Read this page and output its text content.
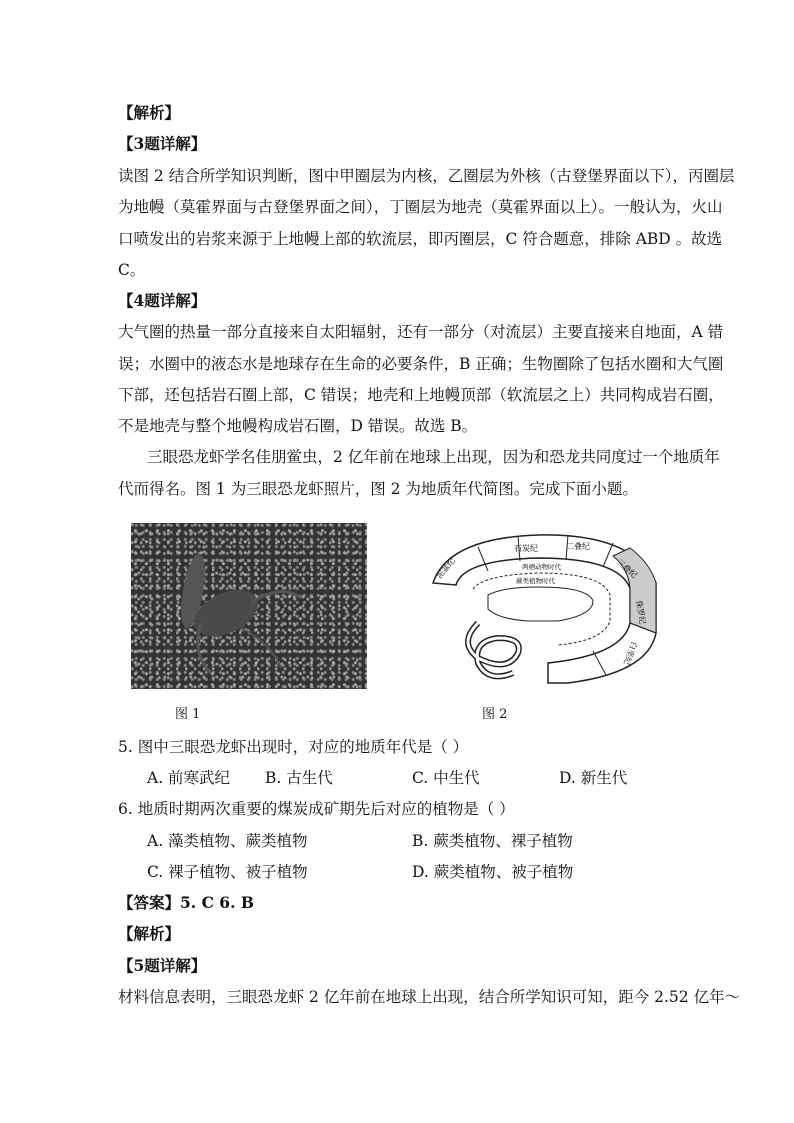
【解析】
【3题详解】
读图 2 结合所学知识判断，图中甲圈层为内核，乙圈层为外核（古登堡界面以下），丙圈层
为地幔（莫霍界面与古登堡界面之间），丁圈层为地壳（莫霍界面以上）。一般认为，火山
口喷发出的岩浆来源于上地幔上部的软流层，即丙圈层，C 符合题意，排除 ABD 。故选
C。
【4题详解】
大气圈的热量一部分直接来自太阳辐射，还有一部分（对流层）主要直接来自地面，A 错
误；水圈中的液态水是地球存在生命的必要条件，B 正确；生物圈除了包括水圈和大气圈
下部，还包括岩石圈上部，C 错误；地壳和上地幔顶部（软流层之上）共同构成岩石圈，
不是地壳与整个地幔构成岩石圈，D 错误。故选 B。
三眼恐龙虾学名佳朋鲎虫，2 亿年前在地球上出现，因为和恐龙共同度过一个地质年
代而得名。图 1 为三眼恐龙虾照片，图 2 为地质年代简图。完成下面小题。
图 1
石炭纪	二叠纪
三叠纪
侏罗纪
白垩纪
泥盆纪	两栖动物时代
蕨类植物时代
图 2
5. 图中三眼恐龙虾出现时，对应的地质年代是（ ）
A. 前寒武纪 B. 古生代	C. 中生代	D. 新生代
6. 地质时期两次重要的煤炭成矿期先后对应的植物是（ ）
A. 藻类植物、蕨类植物	B. 蕨类植物、裸子植物
C. 裸子植物、被子植物	D. 蕨类植物、被子植物
【答案】5. C 6. B
【解析】
【5题详解】
材料信息表明，三眼恐龙虾 2 亿年前在地球上出现，结合所学知识可知，距今 2.52 亿年～
